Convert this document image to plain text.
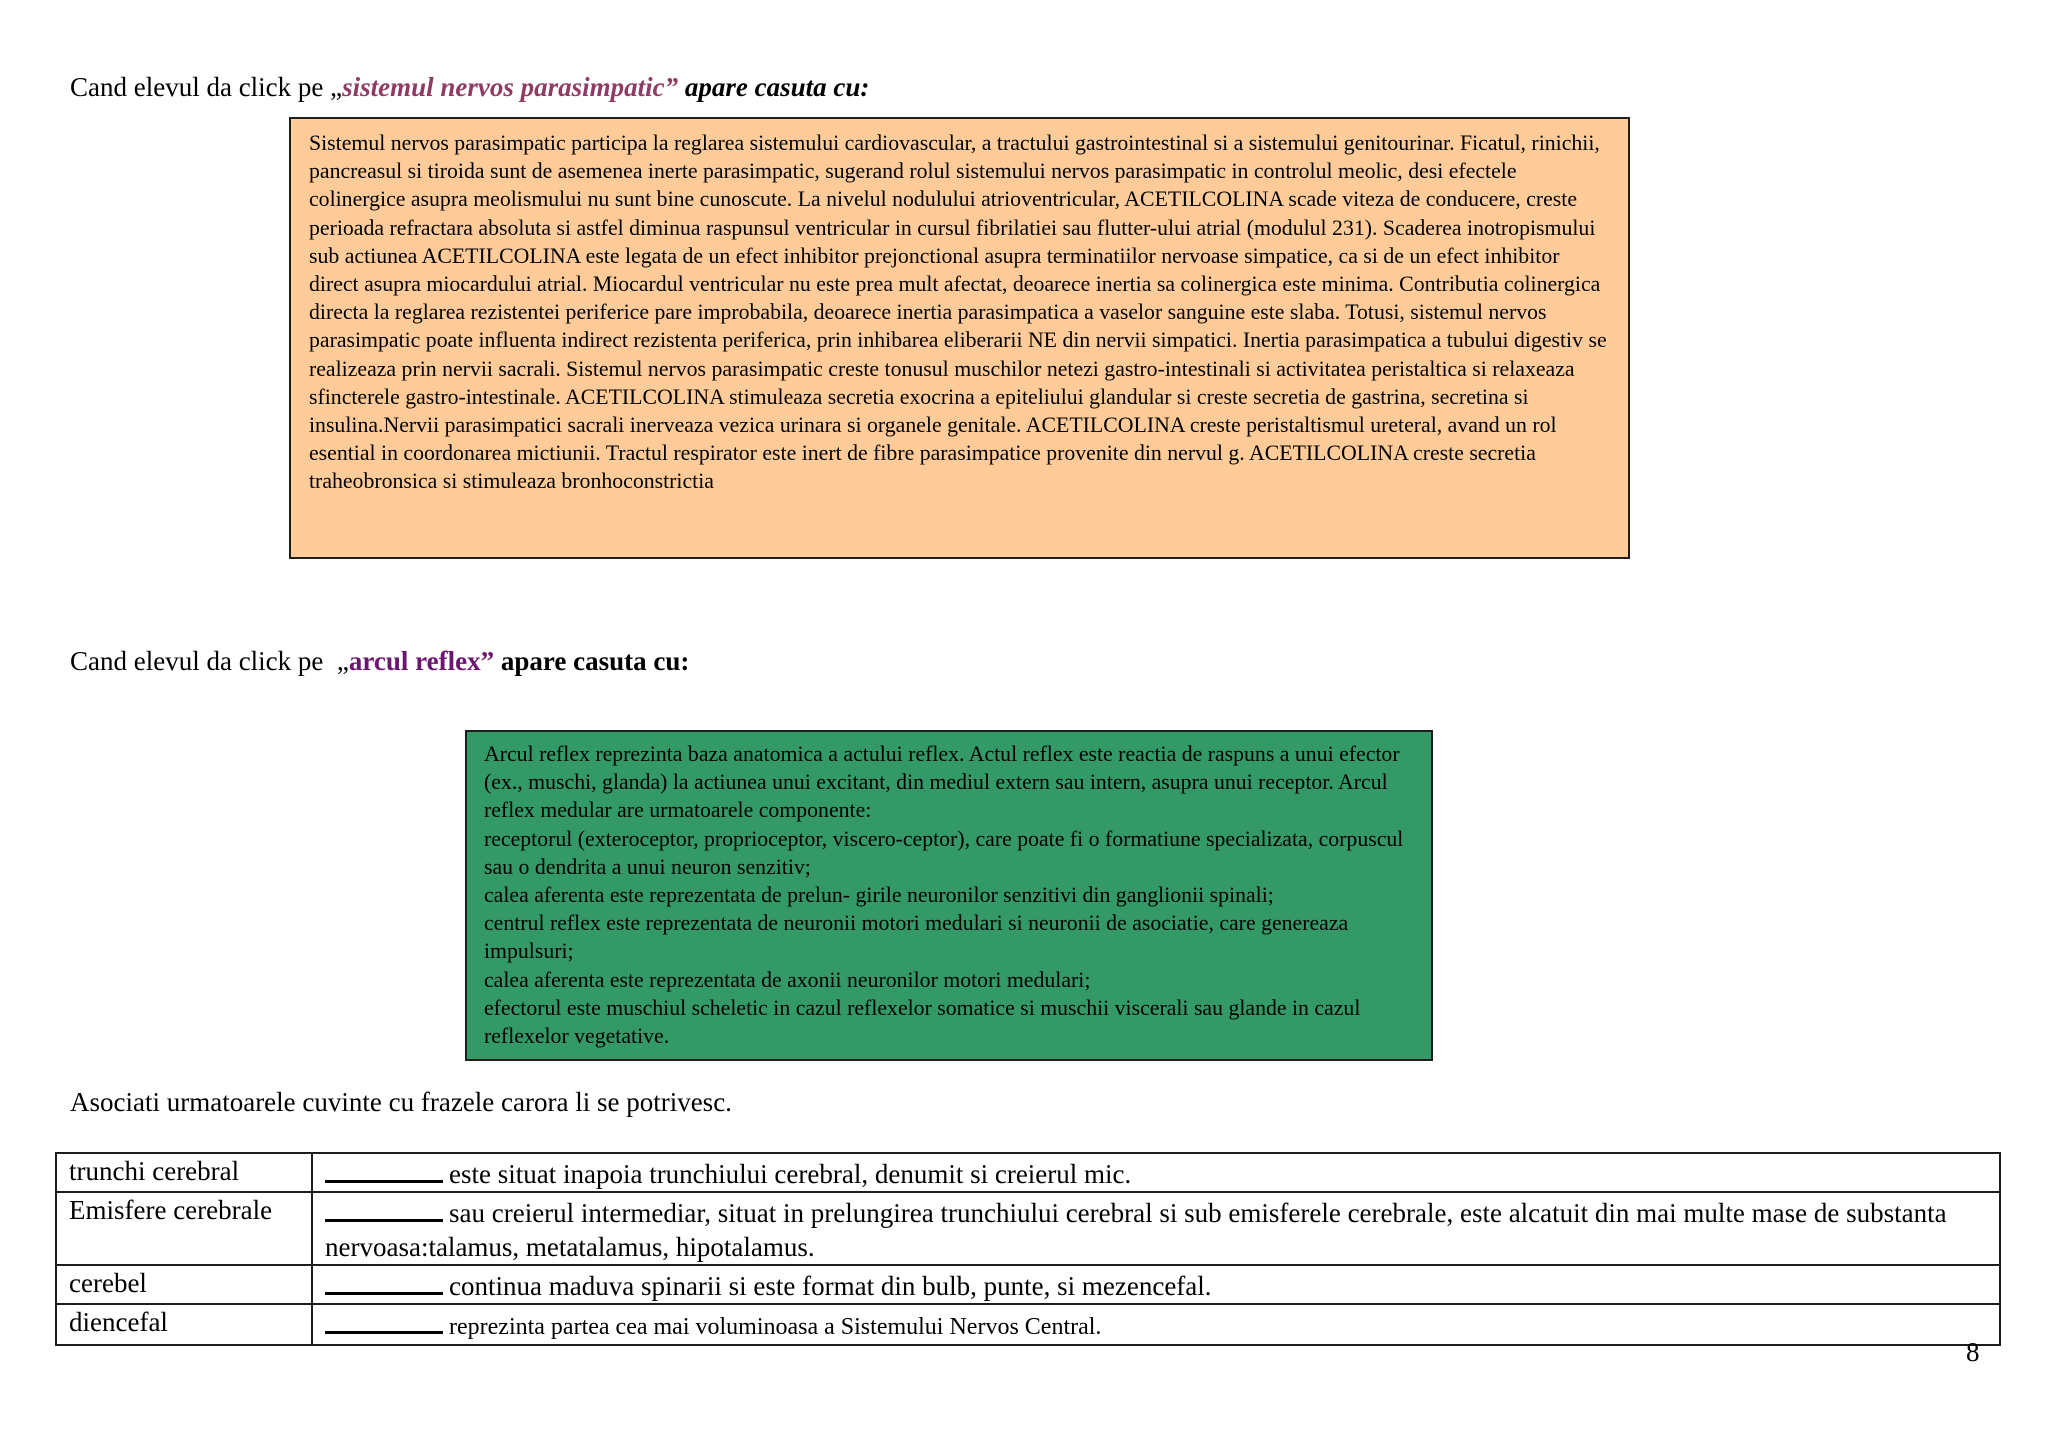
Cand elevul da click pe „sistemul nervos parasimpatic” apare casuta cu:

Sistemul nervos parasimpatic participa la reglarea sistemului cardiovascular, a tractului gastrointestinal si a sistemului genitourinar. Ficatul, rinichii, pancreasul si tiroida sunt de asemenea inerte parasimpatic, sugerand rolul sistemului nervos parasimpatic in controlul meolic, desi efectele colinergice asupra meolismului nu sunt bine cunoscute. La nivelul nodulului atrioventricular, ACETILCOLINA scade viteza de conducere, creste perioada refractara absoluta si astfel diminua raspunsul ventricular in cursul fibrilatiei sau flutter-ului atrial (modulul 231). Scaderea inotropismului sub actiunea ACETILCOLINA este legata de un efect inhibitor prejonctional asupra terminatiilor nervoase simpatice, ca si de un efect inhibitor direct asupra miocardului atrial. Miocardul ventricular nu este prea mult afectat, deoarece inertia sa colinergica este minima. Contributia colinergica directa la reglarea rezistentei periferice pare improbabila, deoarece inertia parasimpatica a vaselor sanguine este slaba. Totusi, sistemul nervos parasimpatic poate influenta indirect rezistenta periferica, prin inhibarea eliberarii NE din nervii simpatici. Inertia parasimpatica a tubului digestiv se realizeaza prin nervii sacrali. Sistemul nervos parasimpatic creste tonusul muschilor netezi gastro-intestinali si activitatea peristaltica si relaxeaza sfincterele gastro-intestinale. ACETILCOLINA stimuleaza secretia exocrina a epiteliului glandular si creste secretia de gastrina, secretina si insulina.Nervii parasimpatici sacrali inerveaza vezica urinara si organele genitale. ACETILCOLINA creste peristaltismul ureteral, avand un rol esential in coordonarea mictiunii. Tractul respirator este inert de fibre parasimpatice provenite din nervul g. ACETILCOLINA creste secretia traheobronsica si stimuleaza bronhoconstrictia

Cand elevul da click pe  „arcul reflex” apare casuta cu:

Arcul reflex reprezinta baza anatomica a actului reflex. Actul reflex este reactia de raspuns a unui efector (ex., muschi, glanda) la actiunea unui excitant, din mediul extern sau intern, asupra unui receptor. Arcul reflex medular are urmatoarele componente:

receptorul (exteroceptor, proprioceptor, viscero-ceptor), care poate fi o formatiune specializata, corpuscul sau o dendrita a unui neuron senzitiv;

calea aferenta este reprezentata de prelun- girile neuronilor senzitivi din ganglionii spinali;

centrul reflex este reprezentata de neuronii motori medulari si neuronii de asociatie, care genereaza impulsuri;

calea aferenta este reprezentata de axonii neuronilor motori medulari;

efectorul este muschiul scheletic in cazul reflexelor somatice si muschii viscerali sau glande in cazul reflexelor vegetative.

Asociati urmatoarele cuvinte cu frazele carora li se potrivesc.
trunchi cerebral	este situat inapoia trunchiului cerebral, denumit si creierul mic.
Emisfere cerebrale	sau creierul intermediar, situat in prelungirea trunchiului cerebral si sub emisferele cerebrale, este alcatuit din mai multe mase de substanta nervoasa:talamus, metatalamus, hipotalamus.
cerebel	continua maduva spinarii si este format din bulb, punte, si mezencefal.
diencefal	reprezinta partea cea mai voluminoasa a Sistemului Nervos Central.
8
